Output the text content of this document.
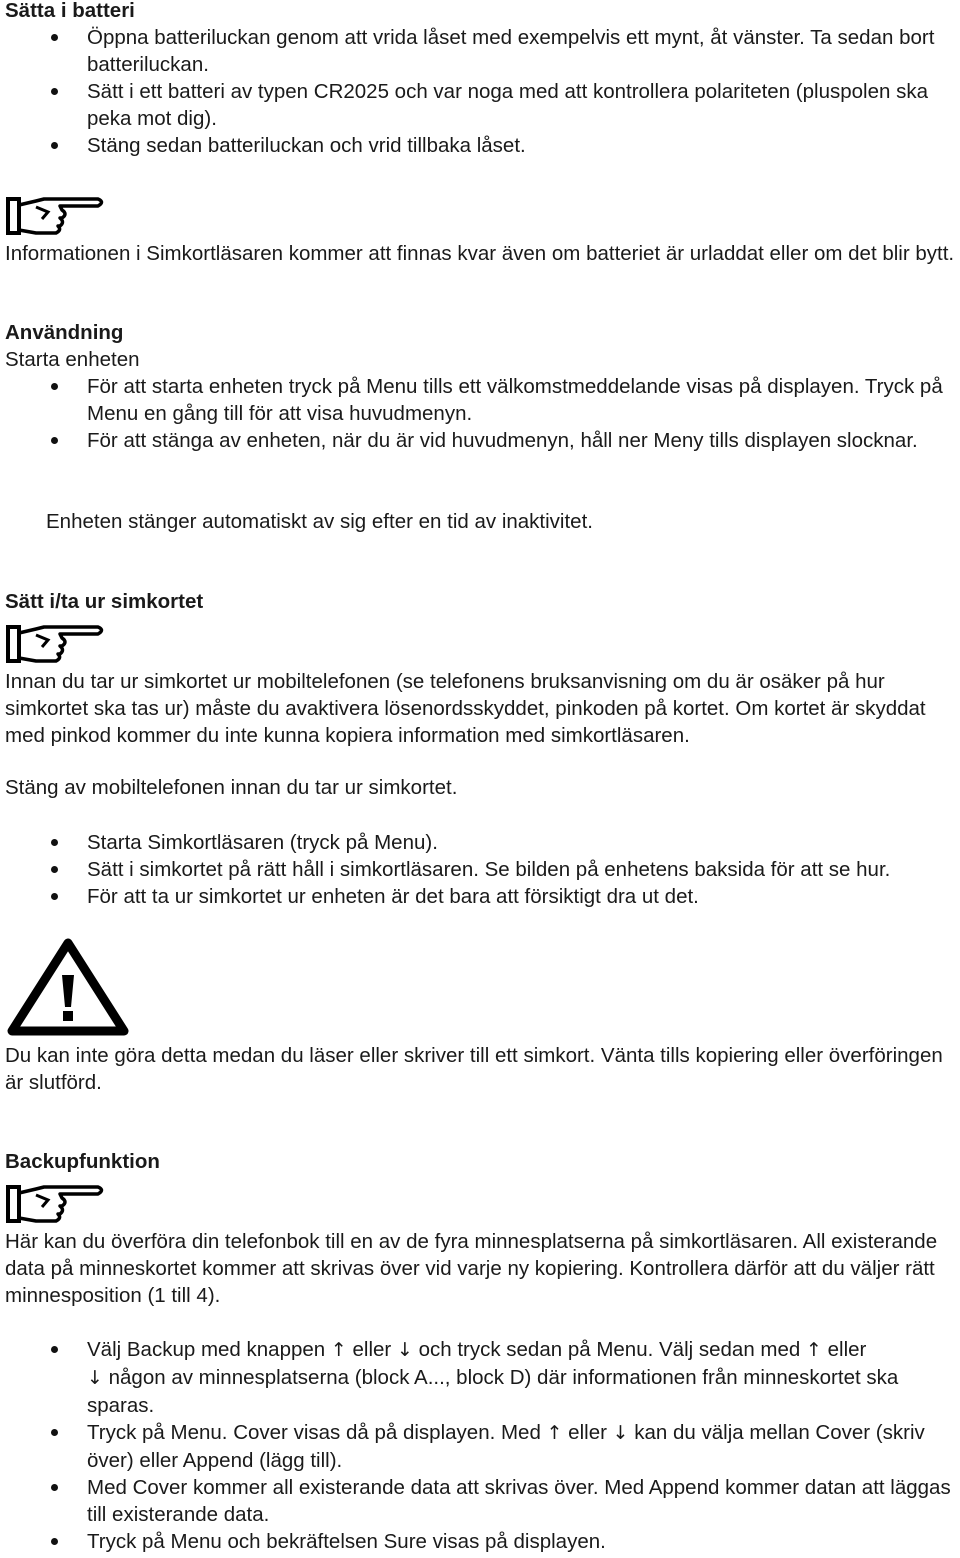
Sätta i batteri
Öppna batteriluckan genom att vrida låset med exempelvis ett mynt, åt vänster. Ta sedan bort batteriluckan.
Sätt i ett batteri av typen CR2025 och var noga med att kontrollera polariteten (pluspolen ska peka mot dig).
Stäng sedan batteriluckan och vrid tillbaka låset.

Informationen i Simkortläsaren kommer att finnas kvar även om batteriet är urladdat eller om det blir bytt.

Användning

Starta enheten

För att starta enheten tryck på Menu tills ett välkomstmeddelande visas på displayen. Tryck på Menu en gång till för att visa huvudmenyn.
För att stänga av enheten, när du är vid huvudmenyn, håll ner Meny tills displayen slocknar.

Enheten stänger automatiskt av sig efter en tid av inaktivitet.

Sätt i/ta ur simkortet

Innan du tar ur simkortet ur mobiltelefonen (se telefonens bruksanvisning om du är osäker på hur simkortet ska tas ur) måste du avaktivera lösenordsskyddet, pinkoden på kortet. Om kortet är skyddat med pinkod kommer du inte kunna kopiera information med simkortläsaren.

Stäng av mobiltelefonen innan du tar ur simkortet.

Starta Simkortläsaren (tryck på Menu).
Sätt i simkortet på rätt håll i simkortläsaren. Se bilden på enhetens baksida för att se hur.
För att ta ur simkortet ur enheten är det bara att försiktigt dra ut det.

Du kan inte göra detta medan du läser eller skriver till ett simkort. Vänta tills kopiering eller överföringen är slutförd.

Backupfunktion

Här kan du överföra din telefonbok till en av de fyra minnesplatserna på simkortläsaren. All existerande data på minneskortet kommer att skrivas över vid varje ny kopiering. Kontrollera därför att du väljer rätt minnesposition (1 till 4).

Välj Backup med knappen ↑ eller ↓ och tryck sedan på Menu. Välj sedan med ↑ eller
↓ någon av minnesplatserna (block A..., block D) där informationen från minneskortet ska sparas.
Tryck på Menu. Cover visas då på displayen. Med ↑ eller ↓ kan du välja mellan Cover (skriv över) eller Append (lägg till).
Med Cover kommer all existerande data att skrivas över. Med Append kommer datan att läggas till existerande data.
Tryck på Menu och bekräftelsen Sure visas på displayen.
